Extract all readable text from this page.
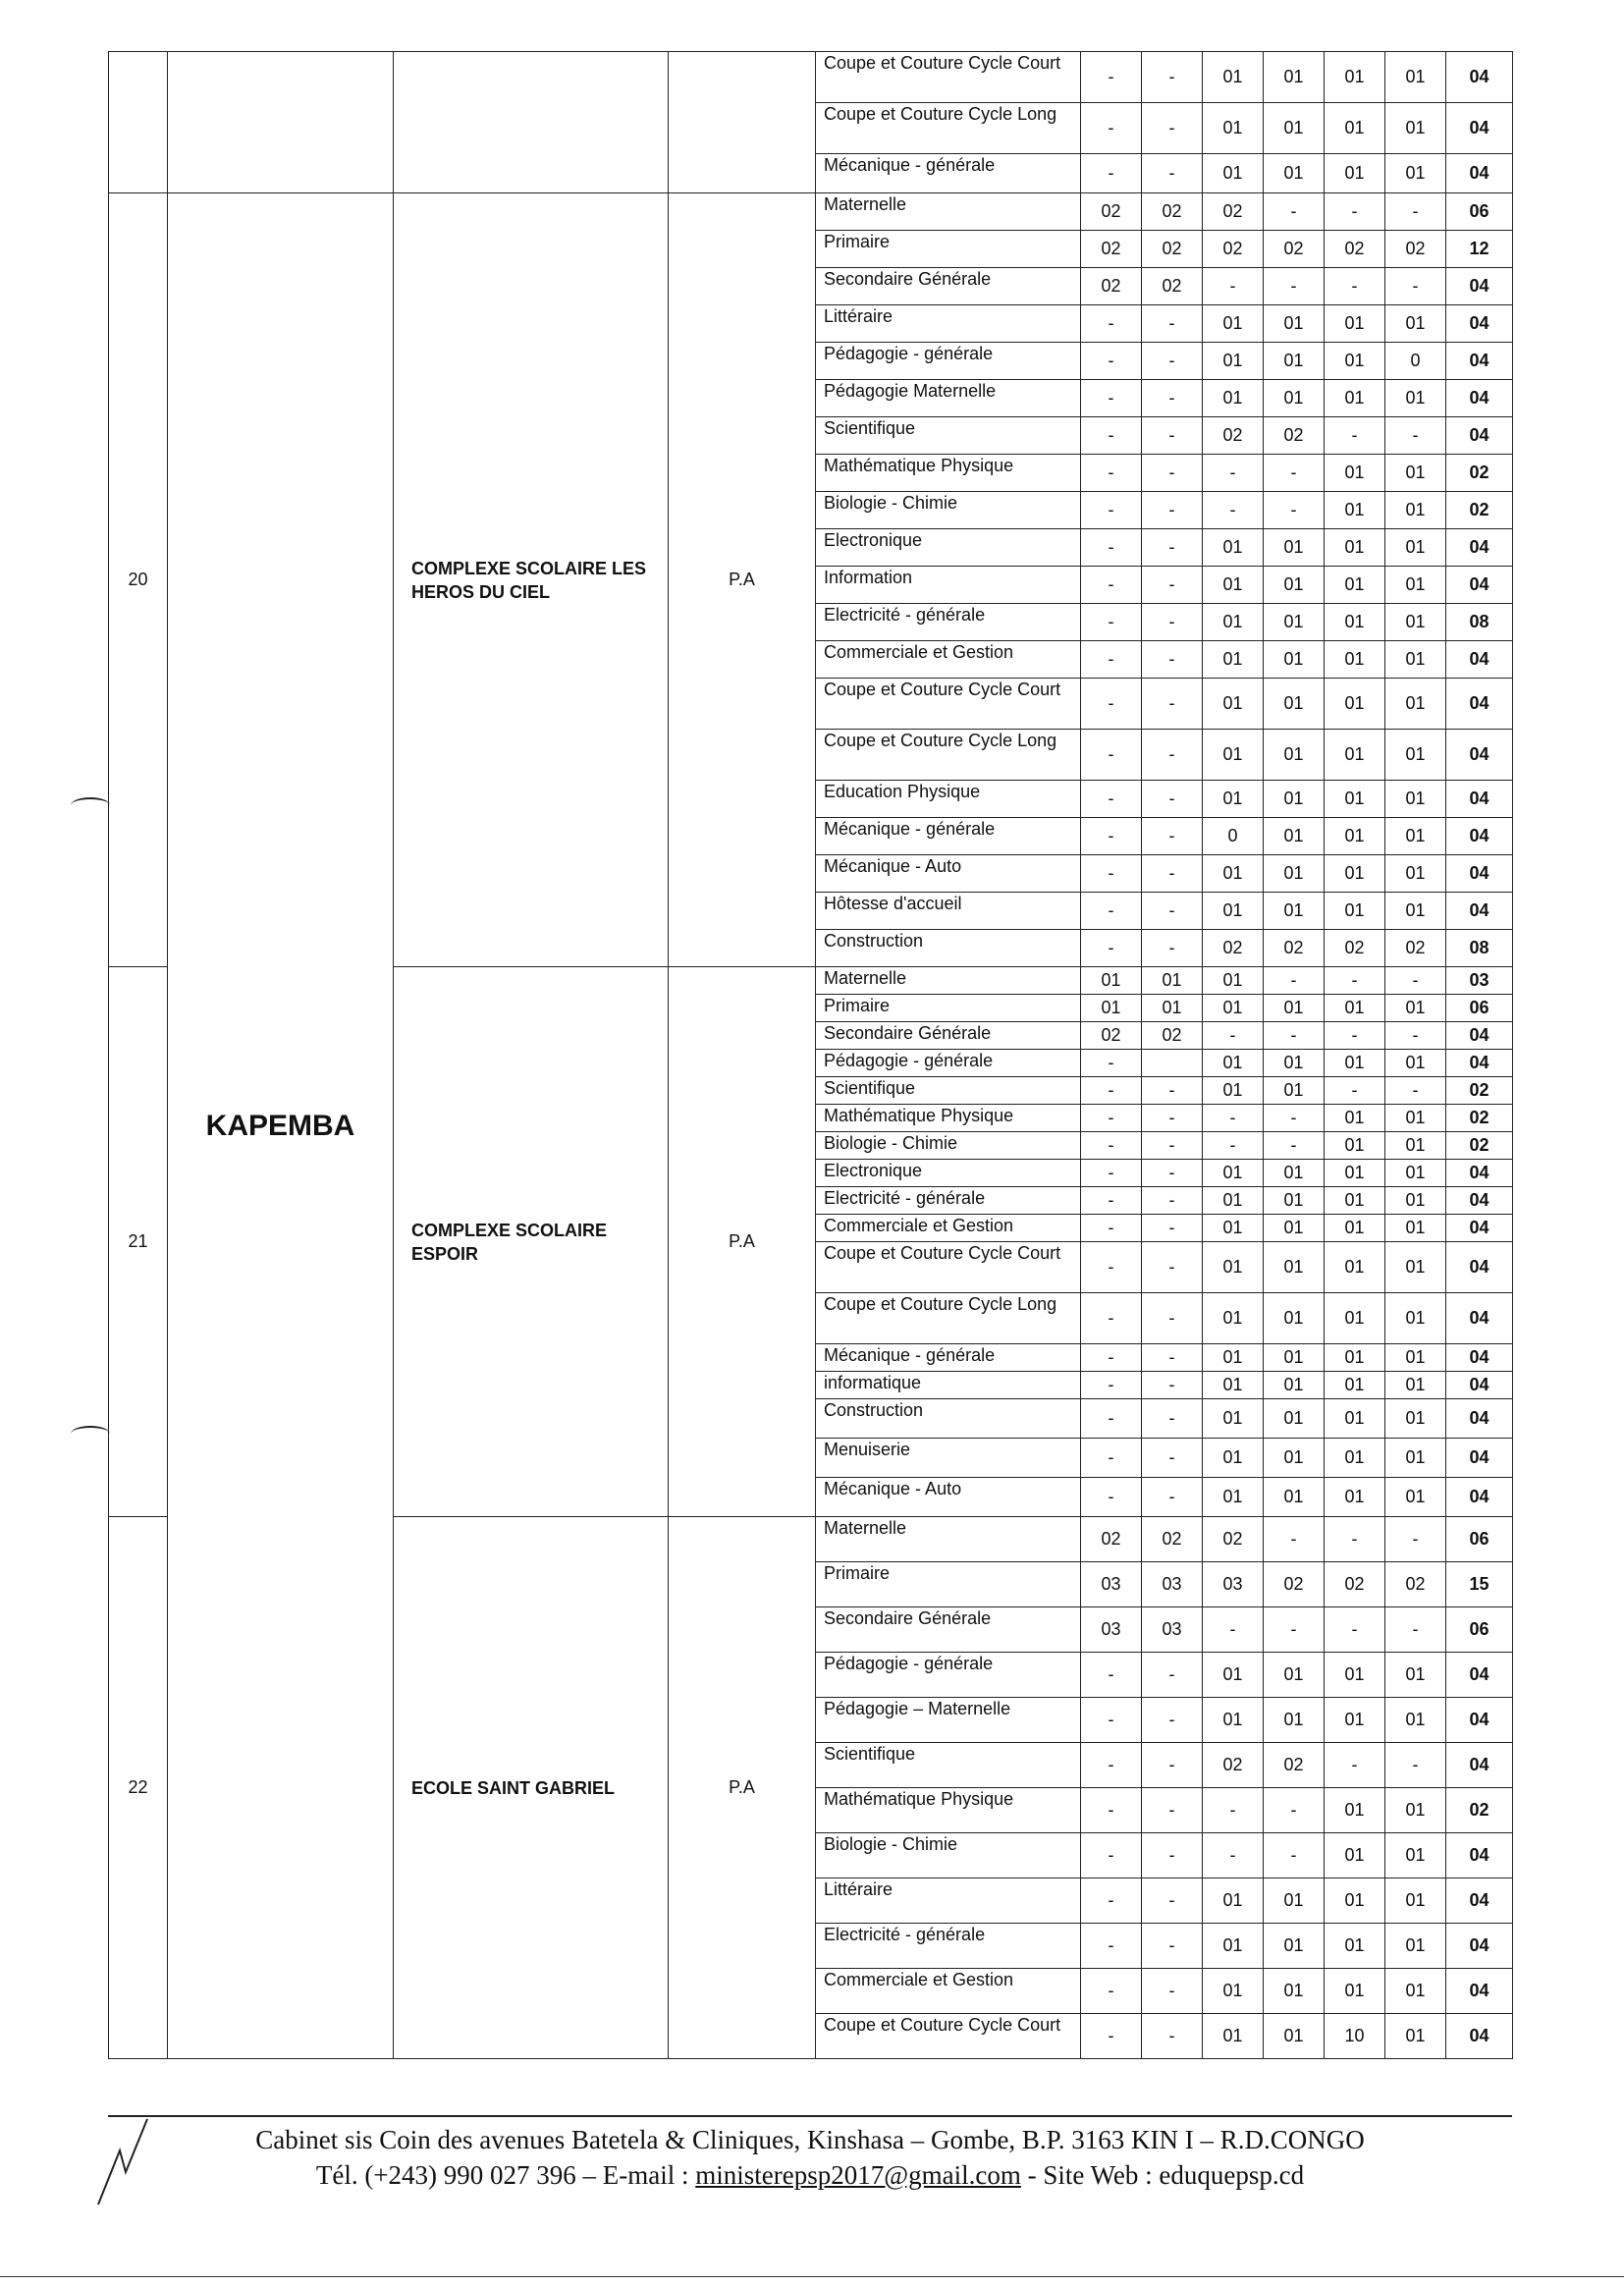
				Coupe et Couture Cycle Court	-	-	01	01	01	01	04
				Coupe et Couture Cycle Long	-	-	01	01	01	01	04
				Mécanique - générale	-	-	01	01	01	01	04
20	KAPEMBA	COMPLEXE SCOLAIRE LES HEROS DU CIEL	P.A	Maternelle	02	02	02	-	-	-	06
				Primaire	02	02	02	02	02	02	12
				Secondaire Générale	02	02	-	-	-	-	04
				Littéraire	-	-	01	01	01	01	04
				Pédagogie - générale	-	-	01	01	01	0	04
				Pédagogie Maternelle	-	-	01	01	01	01	04
				Scientifique	-	-	02	02	-	-	04
				Mathématique Physique	-	-	-	-	01	01	02
				Biologie - Chimie	-	-	-	-	01	01	02
				Electronique	-	-	01	01	01	01	04
				Information	-	-	01	01	01	01	04
				Electricité - générale	-	-	01	01	01	01	08
				Commerciale et Gestion	-	-	01	01	01	01	04
				Coupe et Couture Cycle Court	-	-	01	01	01	01	04
				Coupe et Couture Cycle Long	-	-	01	01	01	01	04
				Education Physique	-	-	01	01	01	01	04
				Mécanique - générale	-	-	0	01	01	01	04
				Mécanique - Auto	-	-	01	01	01	01	04
				Hôtesse d'accueil	-	-	01	01	01	01	04
				Construction	-	-	02	02	02	02	08
21		COMPLEXE SCOLAIRE ESPOIR	P.A	Maternelle	01	01	01	-	-	-	03
				Primaire	01	01	01	01	01	01	06
				Secondaire Générale	02	02	-	-	-	-	04
				Pédagogie - générale	-		01	01	01	01	04
				Scientifique	-	-	01	01	-	-	02
				Mathématique Physique	-	-	-	-	01	01	02
				Biologie - Chimie	-	-	-	-	01	01	02
				Electronique	-	-	01	01	01	01	04
				Electricité - générale	-	-	01	01	01	01	04
				Commerciale et Gestion	-	-	01	01	01	01	04
				Coupe et Couture Cycle Court	-	-	01	01	01	01	04
				Coupe et Couture Cycle Long	-	-	01	01	01	01	04
				Mécanique - générale	-	-	01	01	01	01	04
				informatique	-	-	01	01	01	01	04
				Construction	-	-	01	01	01	01	04
				Menuiserie	-	-	01	01	01	01	04
				Mécanique - Auto	-	-	01	01	01	01	04
22		ECOLE SAINT GABRIEL	P.A	Maternelle	02	02	02	-	-	-	06
				Primaire	03	03	03	02	02	02	15
				Secondaire Générale	03	03	-	-	-	-	06
				Pédagogie - générale	-	-	01	01	01	01	04
				Pédagogie – Maternelle	-	-	01	01	01	01	04
				Scientifique	-	-	02	02	-	-	04
				Mathématique Physique	-	-	-	-	01	01	02
				Biologie - Chimie	-	-	-	-	01	01	04
				Littéraire	-	-	01	01	01	01	04
				Electricité - générale	-	-	01	01	01	01	04
				Commerciale et Gestion	-	-	01	01	01	01	04
				Coupe et Couture Cycle Court	-	-	01	01	10	01	04
Cabinet sis Coin des avenues Batetela & Cliniques, Kinshasa – Gombe, B.P. 3163 KIN I – R.D.CONGO
Tél. (+243) 990 027 396 – E-mail : ministerepsp2017@gmail.com - Site Web : eduquepsp.cd
